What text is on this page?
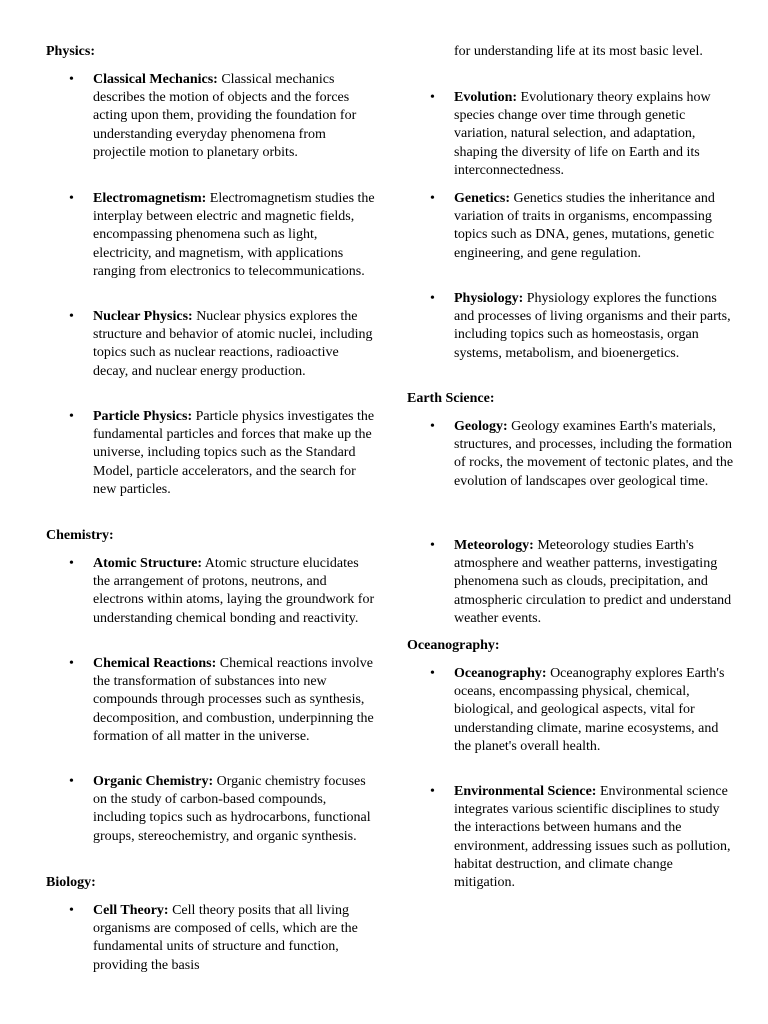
Physics:
• Classical Mechanics: Classical mechanics describes the motion of objects and the forces acting upon them, providing the foundation for understanding everyday phenomena from projectile motion to planetary orbits.
• Electromagnetism: Electromagnetism studies the interplay between electric and magnetic fields, encompassing phenomena such as light, electricity, and magnetism, with applications ranging from electronics to telecommunications.
• Nuclear Physics: Nuclear physics explores the structure and behavior of atomic nuclei, including topics such as nuclear reactions, radioactive decay, and nuclear energy production.
• Particle Physics: Particle physics investigates the fundamental particles and forces that make up the universe, including topics such as the Standard Model, particle accelerators, and the search for new particles.
Chemistry:
• Atomic Structure: Atomic structure elucidates the arrangement of protons, neutrons, and electrons within atoms, laying the groundwork for understanding chemical bonding and reactivity.
• Chemical Reactions: Chemical reactions involve the transformation of substances into new compounds through processes such as synthesis, decomposition, and combustion, underpinning the formation of all matter in the universe.
• Organic Chemistry: Organic chemistry focuses on the study of carbon-based compounds, including topics such as hydrocarbons, functional groups, stereochemistry, and organic synthesis.
Biology:
• Cell Theory: Cell theory posits that all living organisms are composed of cells, which are the fundamental units of structure and function, providing the basis
for understanding life at its most basic level.
• Evolution: Evolutionary theory explains how species change over time through genetic variation, natural selection, and adaptation, shaping the diversity of life on Earth and its interconnectedness.
• Genetics: Genetics studies the inheritance and variation of traits in organisms, encompassing topics such as DNA, genes, mutations, genetic engineering, and gene regulation.
• Physiology: Physiology explores the functions and processes of living organisms and their parts, including topics such as homeostasis, organ systems, metabolism, and bioenergetics.
Earth Science:
• Geology: Geology examines Earth's materials, structures, and processes, including the formation of rocks, the movement of tectonic plates, and the evolution of landscapes over geological time.
• Meteorology: Meteorology studies Earth's atmosphere and weather patterns, investigating phenomena such as clouds, precipitation, and atmospheric circulation to predict and understand weather events.
Oceanography:
• Oceanography: Oceanography explores Earth's oceans, encompassing physical, chemical, biological, and geological aspects, vital for understanding climate, marine ecosystems, and the planet's overall health.
• Environmental Science: Environmental science integrates various scientific disciplines to study the interactions between humans and the environment, addressing issues such as pollution, habitat destruction, and climate change mitigation.
